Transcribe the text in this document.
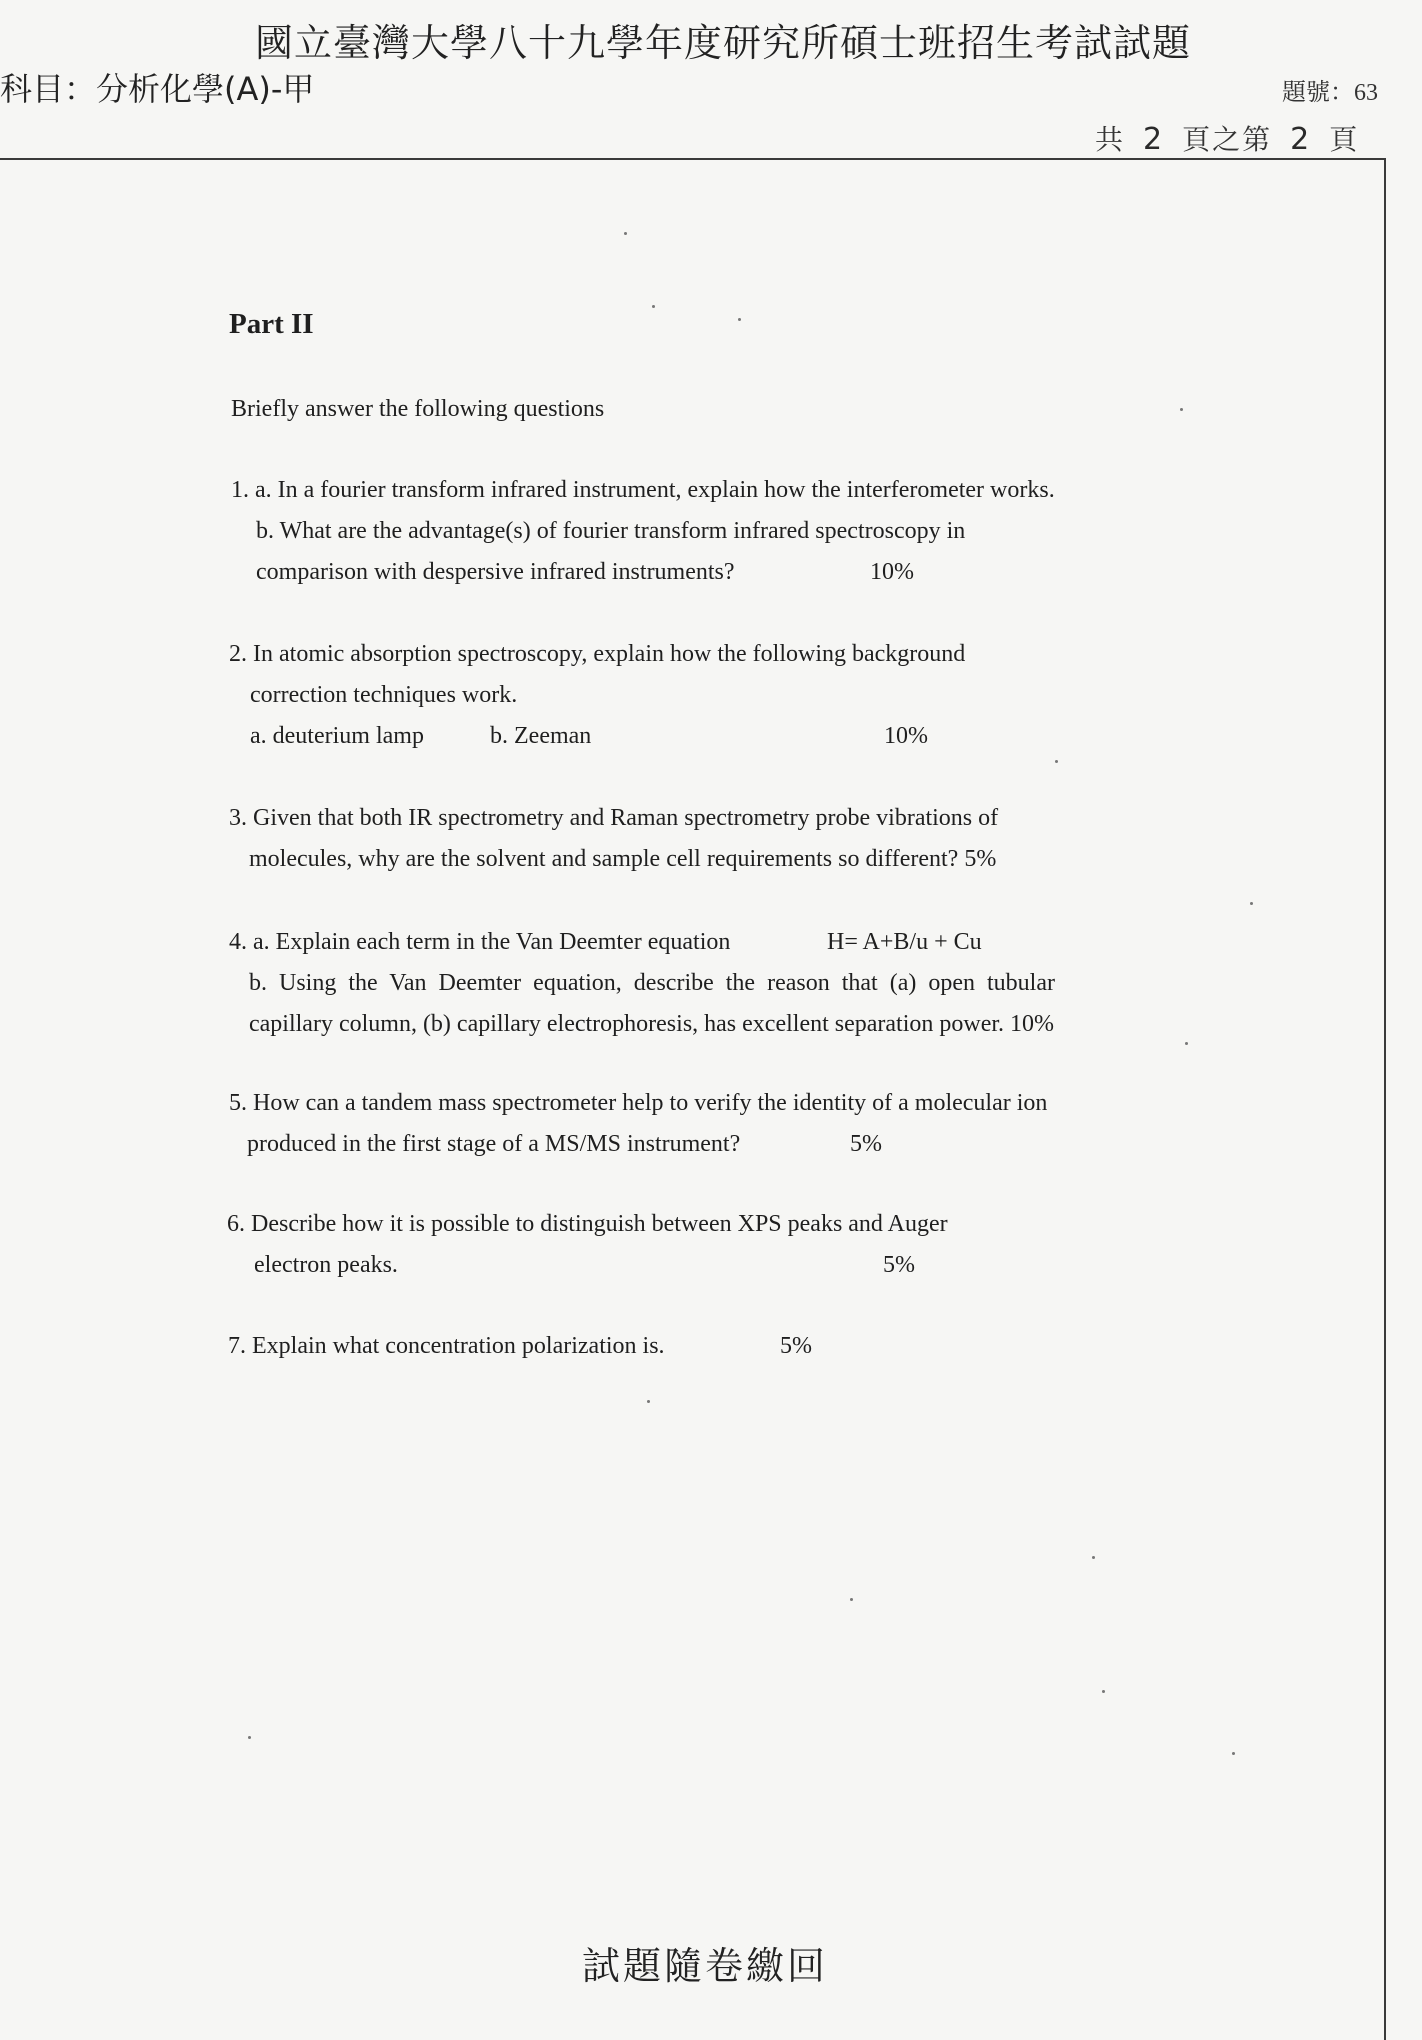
國立臺灣大學八十九學年度研究所碩士班招生考試試題
科目：分析化學(A)-甲	題號：63
共 2 頁之第 2 頁
Part II
Briefly answer the following questions
1. a. In a fourier transform infrared instrument, explain how the interferometer works.
b. What are the advantage(s) of fourier transform infrared spectroscopy in
comparison with despersive infrared instruments?	10%
2. In atomic absorption spectroscopy, explain how the following background
correction techniques work.
a. deuterium lamp	b. Zeeman	10%
3. Given that both IR spectrometry and Raman spectrometry probe vibrations of
molecules, why are the solvent and sample cell requirements so different? 5%
4. a. Explain each term in the Van Deemter equation	H= A+B/u + Cu
b. Using the Van Deemter equation, describe the reason that (a) open tubular
capillary column, (b) capillary electrophoresis, has excellent separation power. 10%
5. How can a tandem mass spectrometer help to verify the identity of a molecular ion
produced in the first stage of a MS/MS instrument?	5%
6. Describe how it is possible to distinguish between XPS peaks and Auger
electron peaks.	5%
7. Explain what concentration polarization is.	5%
試題隨卷繳回
